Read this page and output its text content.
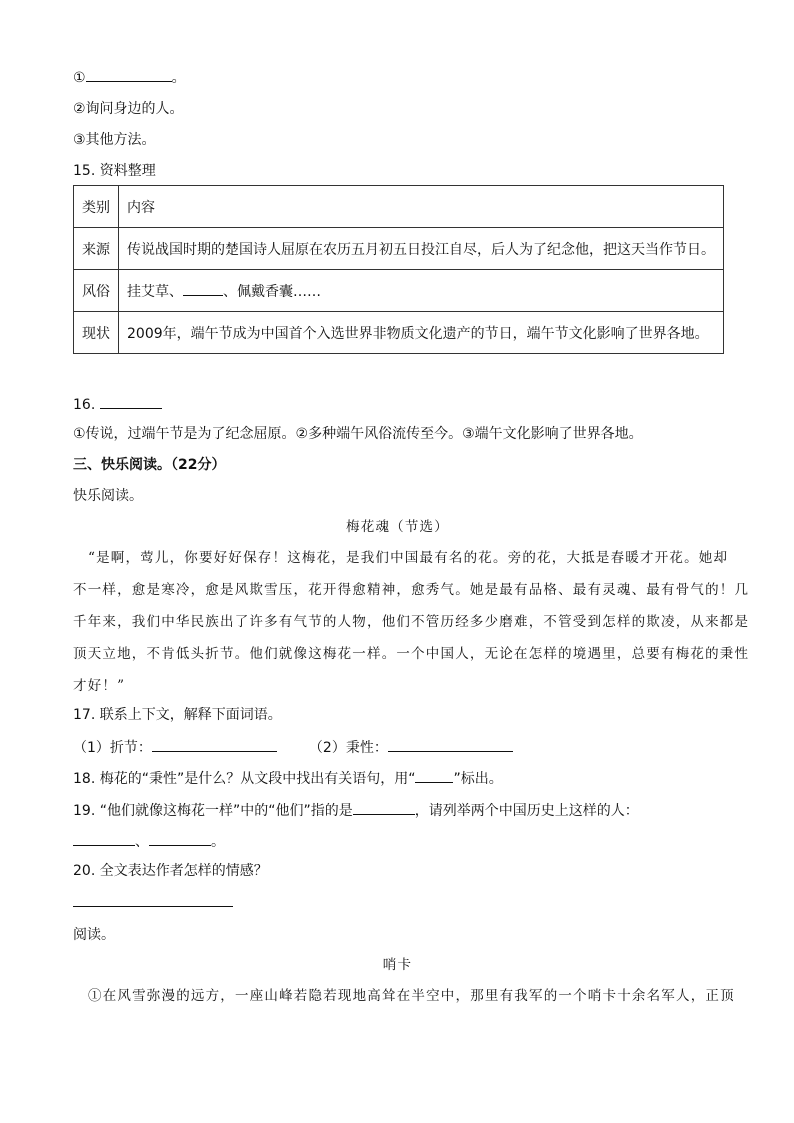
①	。
②询问身边的人。
③其他方法。
15. 资料整理
类别	内容
来源	传说战国时期的楚国诗人屈原在农历五月初五日投江自尽，后人为了纪念他，把这天当作节日。
风俗	挂艾草、 、佩戴香囊……
现状	2009年，端午节成为中国首个入选世界非物质文化遗产的节日，端午节文化影响了世界各地。
16.
①传说，过端午节是为了纪念屈原。②多种端午风俗流传至今。③端午文化影响了世界各地。
三、快乐阅读。（22分）
快乐阅读。
梅花魂（节选）
“是啊，莺儿，你要好好保存！这梅花，是我们中国最有名的花。旁的花，大抵是春暖才开花。她却
不一样，愈是寒冷，愈是风欺雪压，花开得愈精神，愈秀气。她是最有品格、最有灵魂、最有骨气的！几
千年来，我们中华民族出了许多有气节的人物，他们不管历经多少磨难，不管受到怎样的欺凌，从来都是
顶天立地，不肯低头折节。他们就像这梅花一样。一个中国人，无论在怎样的境遇里，总要有梅花的秉性
才好！”
17. 联系上下文，解释下面词语。
（1）折节：	（2）秉性：
18. 梅花的“秉性”是什么？从文段中找出有关语句，用“	”标出。
19. “他们就像这梅花一样”中的“他们”指的是	，请列举两个中国历史上这样的人：
、	。
20. 全文表达作者怎样的情感？
阅读。
哨卡
①在风雪弥漫的远方，一座山峰若隐若现地高耸在半空中，那里有我军的一个哨卡十余名军人，正顶
